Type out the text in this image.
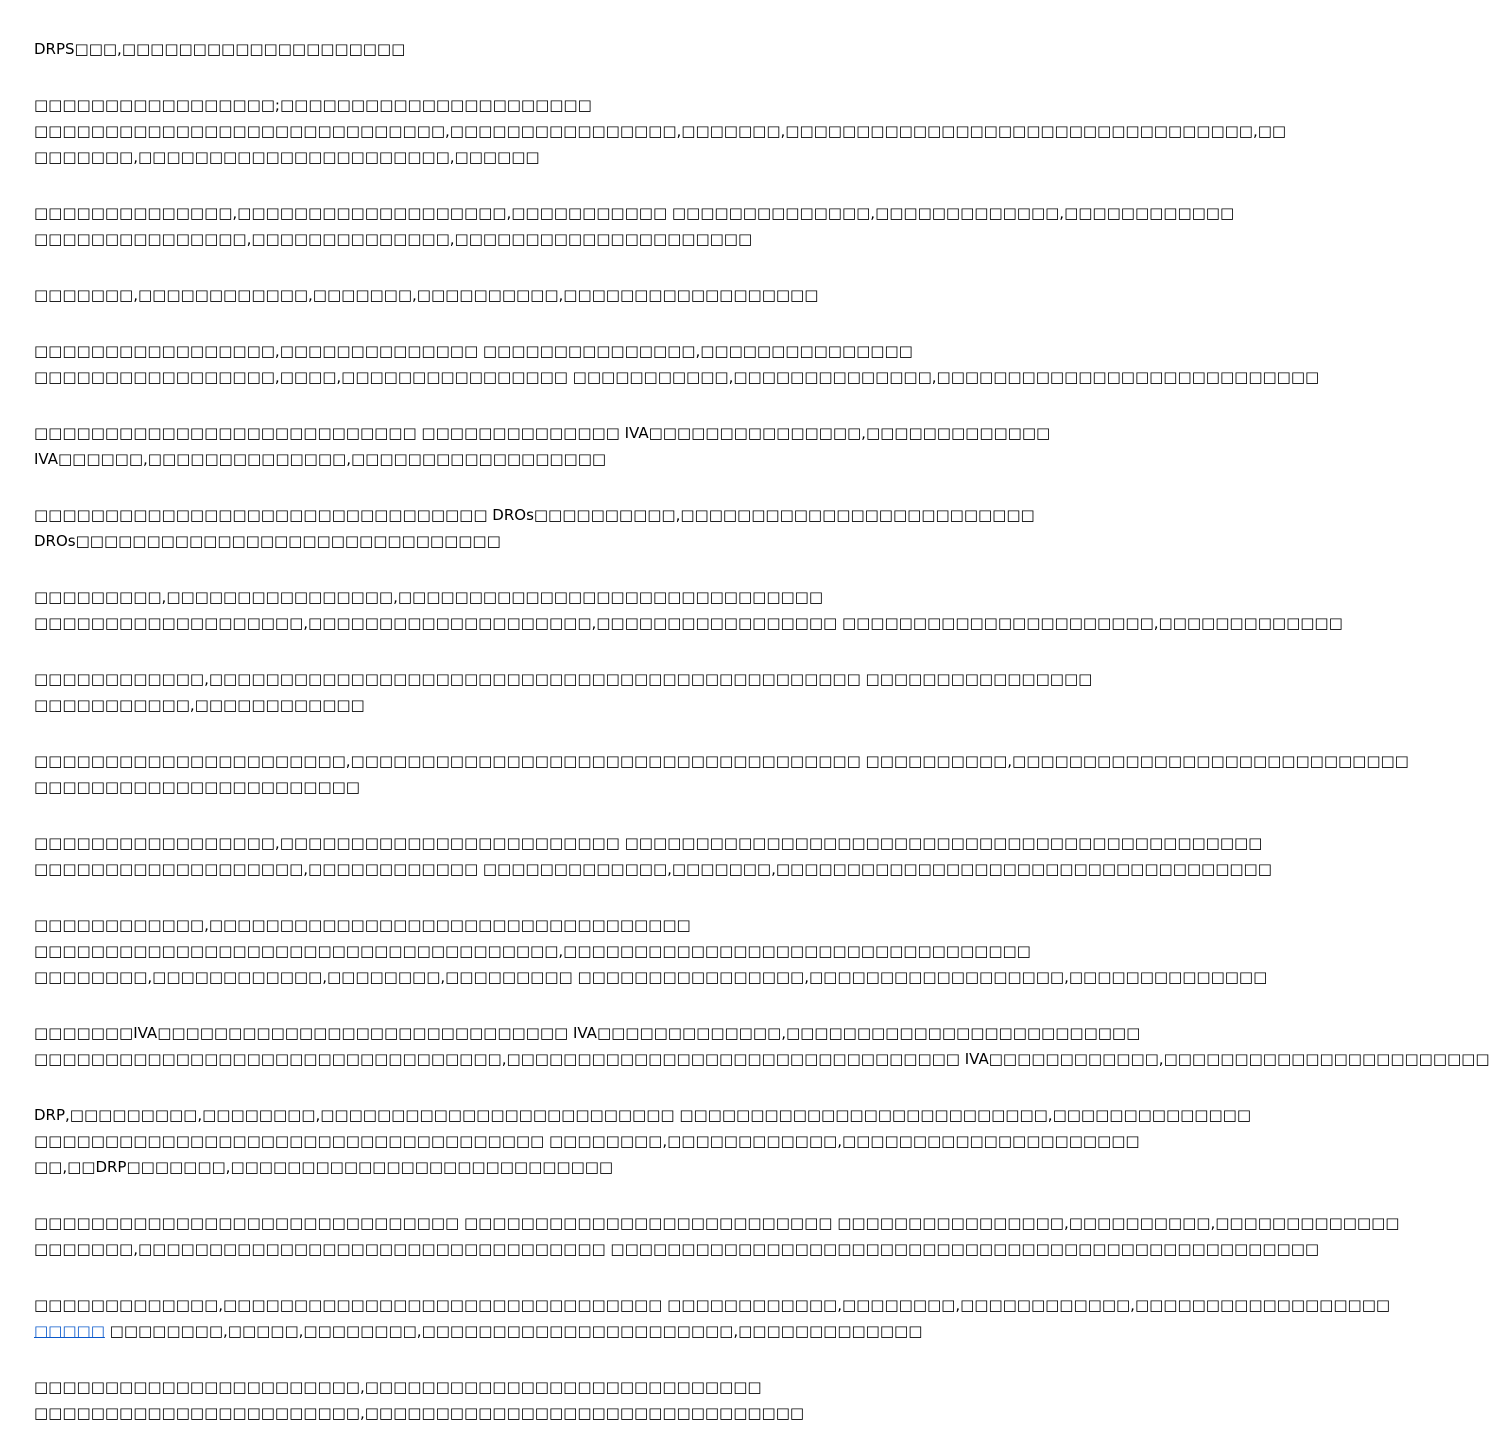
DRPS□□□,□□□□□□□□□□□□□□□□□□□□

□□□□□□□□□□□□□□□□□;□□□□□□□□□□□□□□□□□□□□□□
□□□□□□□□□□□□□□□□□□□□□□□□□□□□□,□□□□□□□□□□□□□□□□,□□□□□□□,□□□□□□□□□□□□□□□□□□□□□□□□□□□□□□□□□,□□
□□□□□□□,□□□□□□□□□□□□□□□□□□□□□□,□□□□□□

□□□□□□□□□□□□□□,□□□□□□□□□□□□□□□□□□□,□□□□□□□□□□□ □□□□□□□□□□□□□□,□□□□□□□□□□□□□,□□□□□□□□□□□□
□□□□□□□□□□□□□□□,□□□□□□□□□□□□□□,□□□□□□□□□□□□□□□□□□□□□

□□□□□□□,□□□□□□□□□□□□,□□□□□□□,□□□□□□□□□□,□□□□□□□□□□□□□□□□□□

□□□□□□□□□□□□□□□□□,□□□□□□□□□□□□□□ □□□□□□□□□□□□□□□,□□□□□□□□□□□□□□□
□□□□□□□□□□□□□□□□□,□□□□,□□□□□□□□□□□□□□□□ □□□□□□□□□□□,□□□□□□□□□□□□□□,□□□□□□□□□□□□□□□□□□□□□□□□□□□

□□□□□□□□□□□□□□□□□□□□□□□□□□□ □□□□□□□□□□□□□□ IVA□□□□□□□□□□□□□□□,□□□□□□□□□□□□□
IVA□□□□□□,□□□□□□□□□□□□□□,□□□□□□□□□□□□□□□□□□

□□□□□□□□□□□□□□□□□□□□□□□□□□□□□□□□ DROs□□□□□□□□□□,□□□□□□□□□□□□□□□□□□□□□□□□□
DROs□□□□□□□□□□□□□□□□□□□□□□□□□□□□□□

□□□□□□□□□,□□□□□□□□□□□□□□□□,□□□□□□□□□□□□□□□□□□□□□□□□□□□□□□
□□□□□□□□□□□□□□□□□□□,□□□□□□□□□□□□□□□□□□□□,□□□□□□□□□□□□□□□□□ □□□□□□□□□□□□□□□□□□□□□□,□□□□□□□□□□□□□

□□□□□□□□□□□□,□□□□□□□□□□□□□□□□□□□□□□□□□□□□□□□□□□□□□□□□□□□□□□ □□□□□□□□□□□□□□□□
□□□□□□□□□□□,□□□□□□□□□□□□

□□□□□□□□□□□□□□□□□□□□□□,□□□□□□□□□□□□□□□□□□□□□□□□□□□□□□□□□□□□ □□□□□□□□□□,□□□□□□□□□□□□□□□□□□□□□□□□□□□□
□□□□□□□□□□□□□□□□□□□□□□□

□□□□□□□□□□□□□□□□□,□□□□□□□□□□□□□□□□□□□□□□□□ □□□□□□□□□□□□□□□□□□□□□□□□□□□□□□□□□□□□□□□□□□□□□
□□□□□□□□□□□□□□□□□□□,□□□□□□□□□□□□ □□□□□□□□□□□□□,□□□□□□□,□□□□□□□□□□□□□□□□□□□□□□□□□□□□□□□□□□□

□□□□□□□□□□□□,□□□□□□□□□□□□□□□□□□□□□□□□□□□□□□□□□□
□□□□□□□□□□□□□□□□□□□□□□□□□□□□□□□□□□□□□,□□□□□□□□□□□□□□□□□□□□□□□□□□□□□□□□□
□□□□□□□□,□□□□□□□□□□□□,□□□□□□□□,□□□□□□□□□ □□□□□□□□□□□□□□□□,□□□□□□□□□□□□□□□□□□,□□□□□□□□□□□□□□

□□□□□□□IVA□□□□□□□□□□□□□□□□□□□□□□□□□□□□□ IVA□□□□□□□□□□□□□,□□□□□□□□□□□□□□□□□□□□□□□□□
□□□□□□□□□□□□□□□□□□□□□□□□□□□□□□□□□,□□□□□□□□□□□□□□□□□□□□□□□□□□□□□□□□ IVA□□□□□□□□□□□□,□□□□□□□□□□□□□□□□□□□□□□□

DRP,□□□□□□□□□,□□□□□□□□,□□□□□□□□□□□□□□□□□□□□□□□□□ □□□□□□□□□□□□□□□□□□□□□□□□□□,□□□□□□□□□□□□□□
□□□□□□□□□□□□□□□□□□□□□□□□□□□□□□□□□□□□ □□□□□□□□,□□□□□□□□□□□□,□□□□□□□□□□□□□□□□□□□□□
□□,□□DRP□□□□□□□,□□□□□□□□□□□□□□□□□□□□□□□□□□□

□□□□□□□□□□□□□□□□□□□□□□□□□□□□□□ □□□□□□□□□□□□□□□□□□□□□□□□□□ □□□□□□□□□□□□□□□□,□□□□□□□□□□,□□□□□□□□□□□□□
□□□□□□□,□□□□□□□□□□□□□□□□□□□□□□□□□□□□□□□□□ □□□□□□□□□□□□□□□□□□□□□□□□□□□□□□□□□□□□□□□□□□□□□□□□□□

□□□□□□□□□□□□□,□□□□□□□□□□□□□□□□□□□□□□□□□□□□□□□ □□□□□□□□□□□□,□□□□□□□□,□□□□□□□□□□□□,□□□□□□□□□□□□□□□□□□
□□□□□ □□□□□□□□,□□□□□,□□□□□□□□,□□□□□□□□□□□□□□□□□□□□□□,□□□□□□□□□□□□□

□□□□□□□□□□□□□□□□□□□□□□□,□□□□□□□□□□□□□□□□□□□□□□□□□□□□
□□□□□□□□□□□□□□□□□□□□□□□,□□□□□□□□□□□□□□□□□□□□□□□□□□□□□□□
